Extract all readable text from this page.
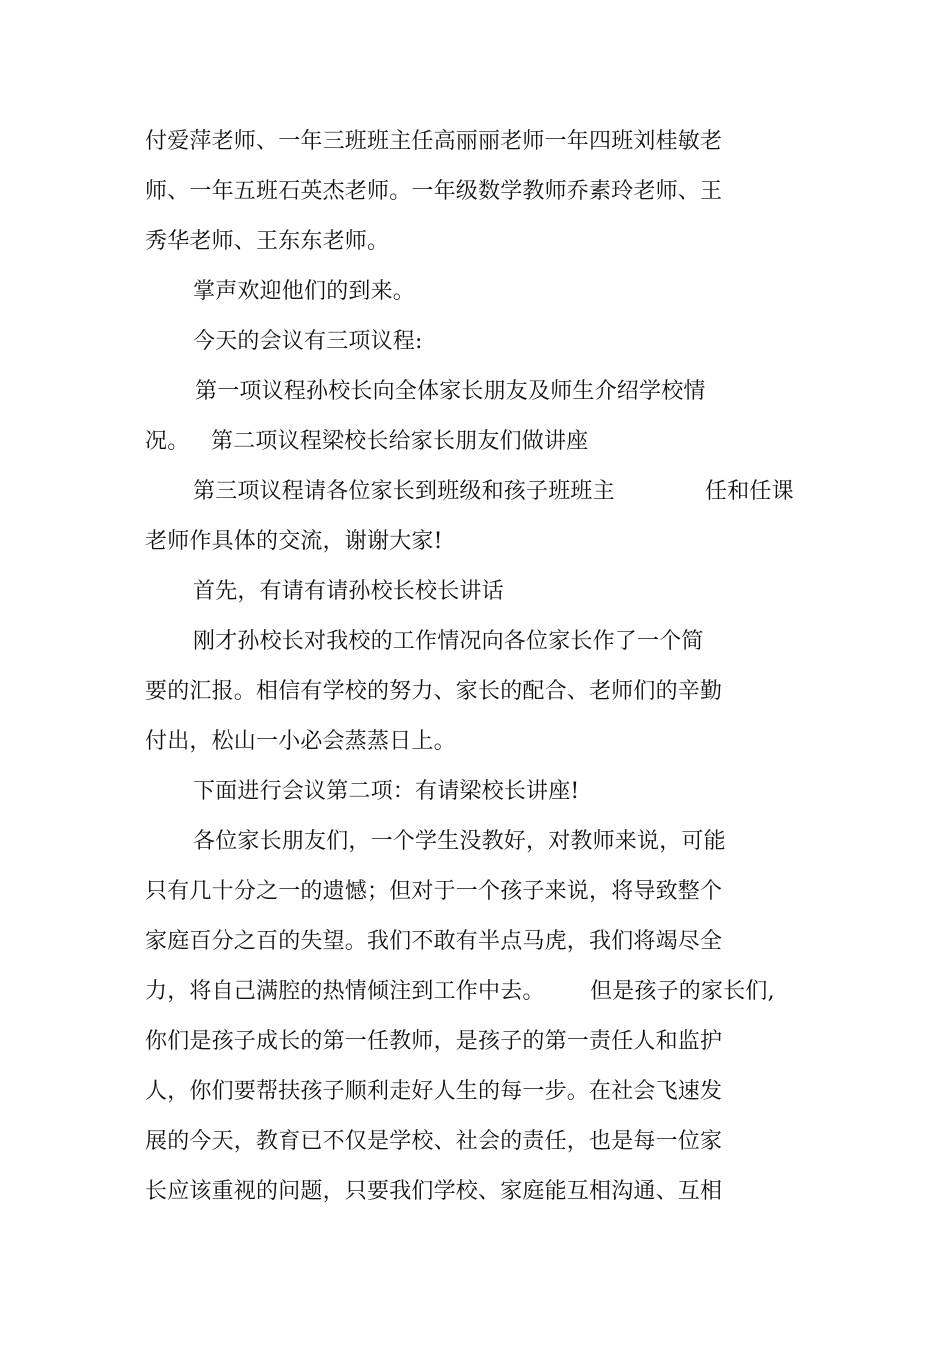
付爱萍老师、一年三班班主任高丽丽老师一年四班刘桂敏老
师、一年五班石英杰老师。一年级数学教师乔素玲老师、王
秀华老师、王东东老师。
掌声欢迎他们的到来。
今天的会议有三项议程:
第一项议程孙校长向全体家长朋友及师生介绍学校情
况。   第二项议程梁校长给家长朋友们做讲座
第三项议程请各位家长到班级和孩子班班主	任和任课
老师作具体的交流，谢谢大家!
首先，有请有请孙校长校长讲话
刚才孙校长对我校的工作情况向各位家长作了一个简
要的汇报。相信有学校的努力、家长的配合、老师们的辛勤
付出，松山一小必会蒸蒸日上。
下面进行会议第二项：有请梁校长讲座!
各位家长朋友们，一个学生没教好，对教师来说，可能
只有几十分之一的遗憾；但对于一个孩子来说，将导致整个
家庭百分之百的失望。我们不敢有半点马虎，我们将竭尽全
力，将自己满腔的热情倾注到工作中去。 但是孩子的家长们,
你们是孩子成长的第一任教师，是孩子的第一责任人和监护
人，你们要帮扶孩子顺利走好人生的每一步。在社会飞速发
展的今天，教育已不仅是学校、社会的责任，也是每一位家
长应该重视的问题，只要我们学校、家庭能互相沟通、互相
